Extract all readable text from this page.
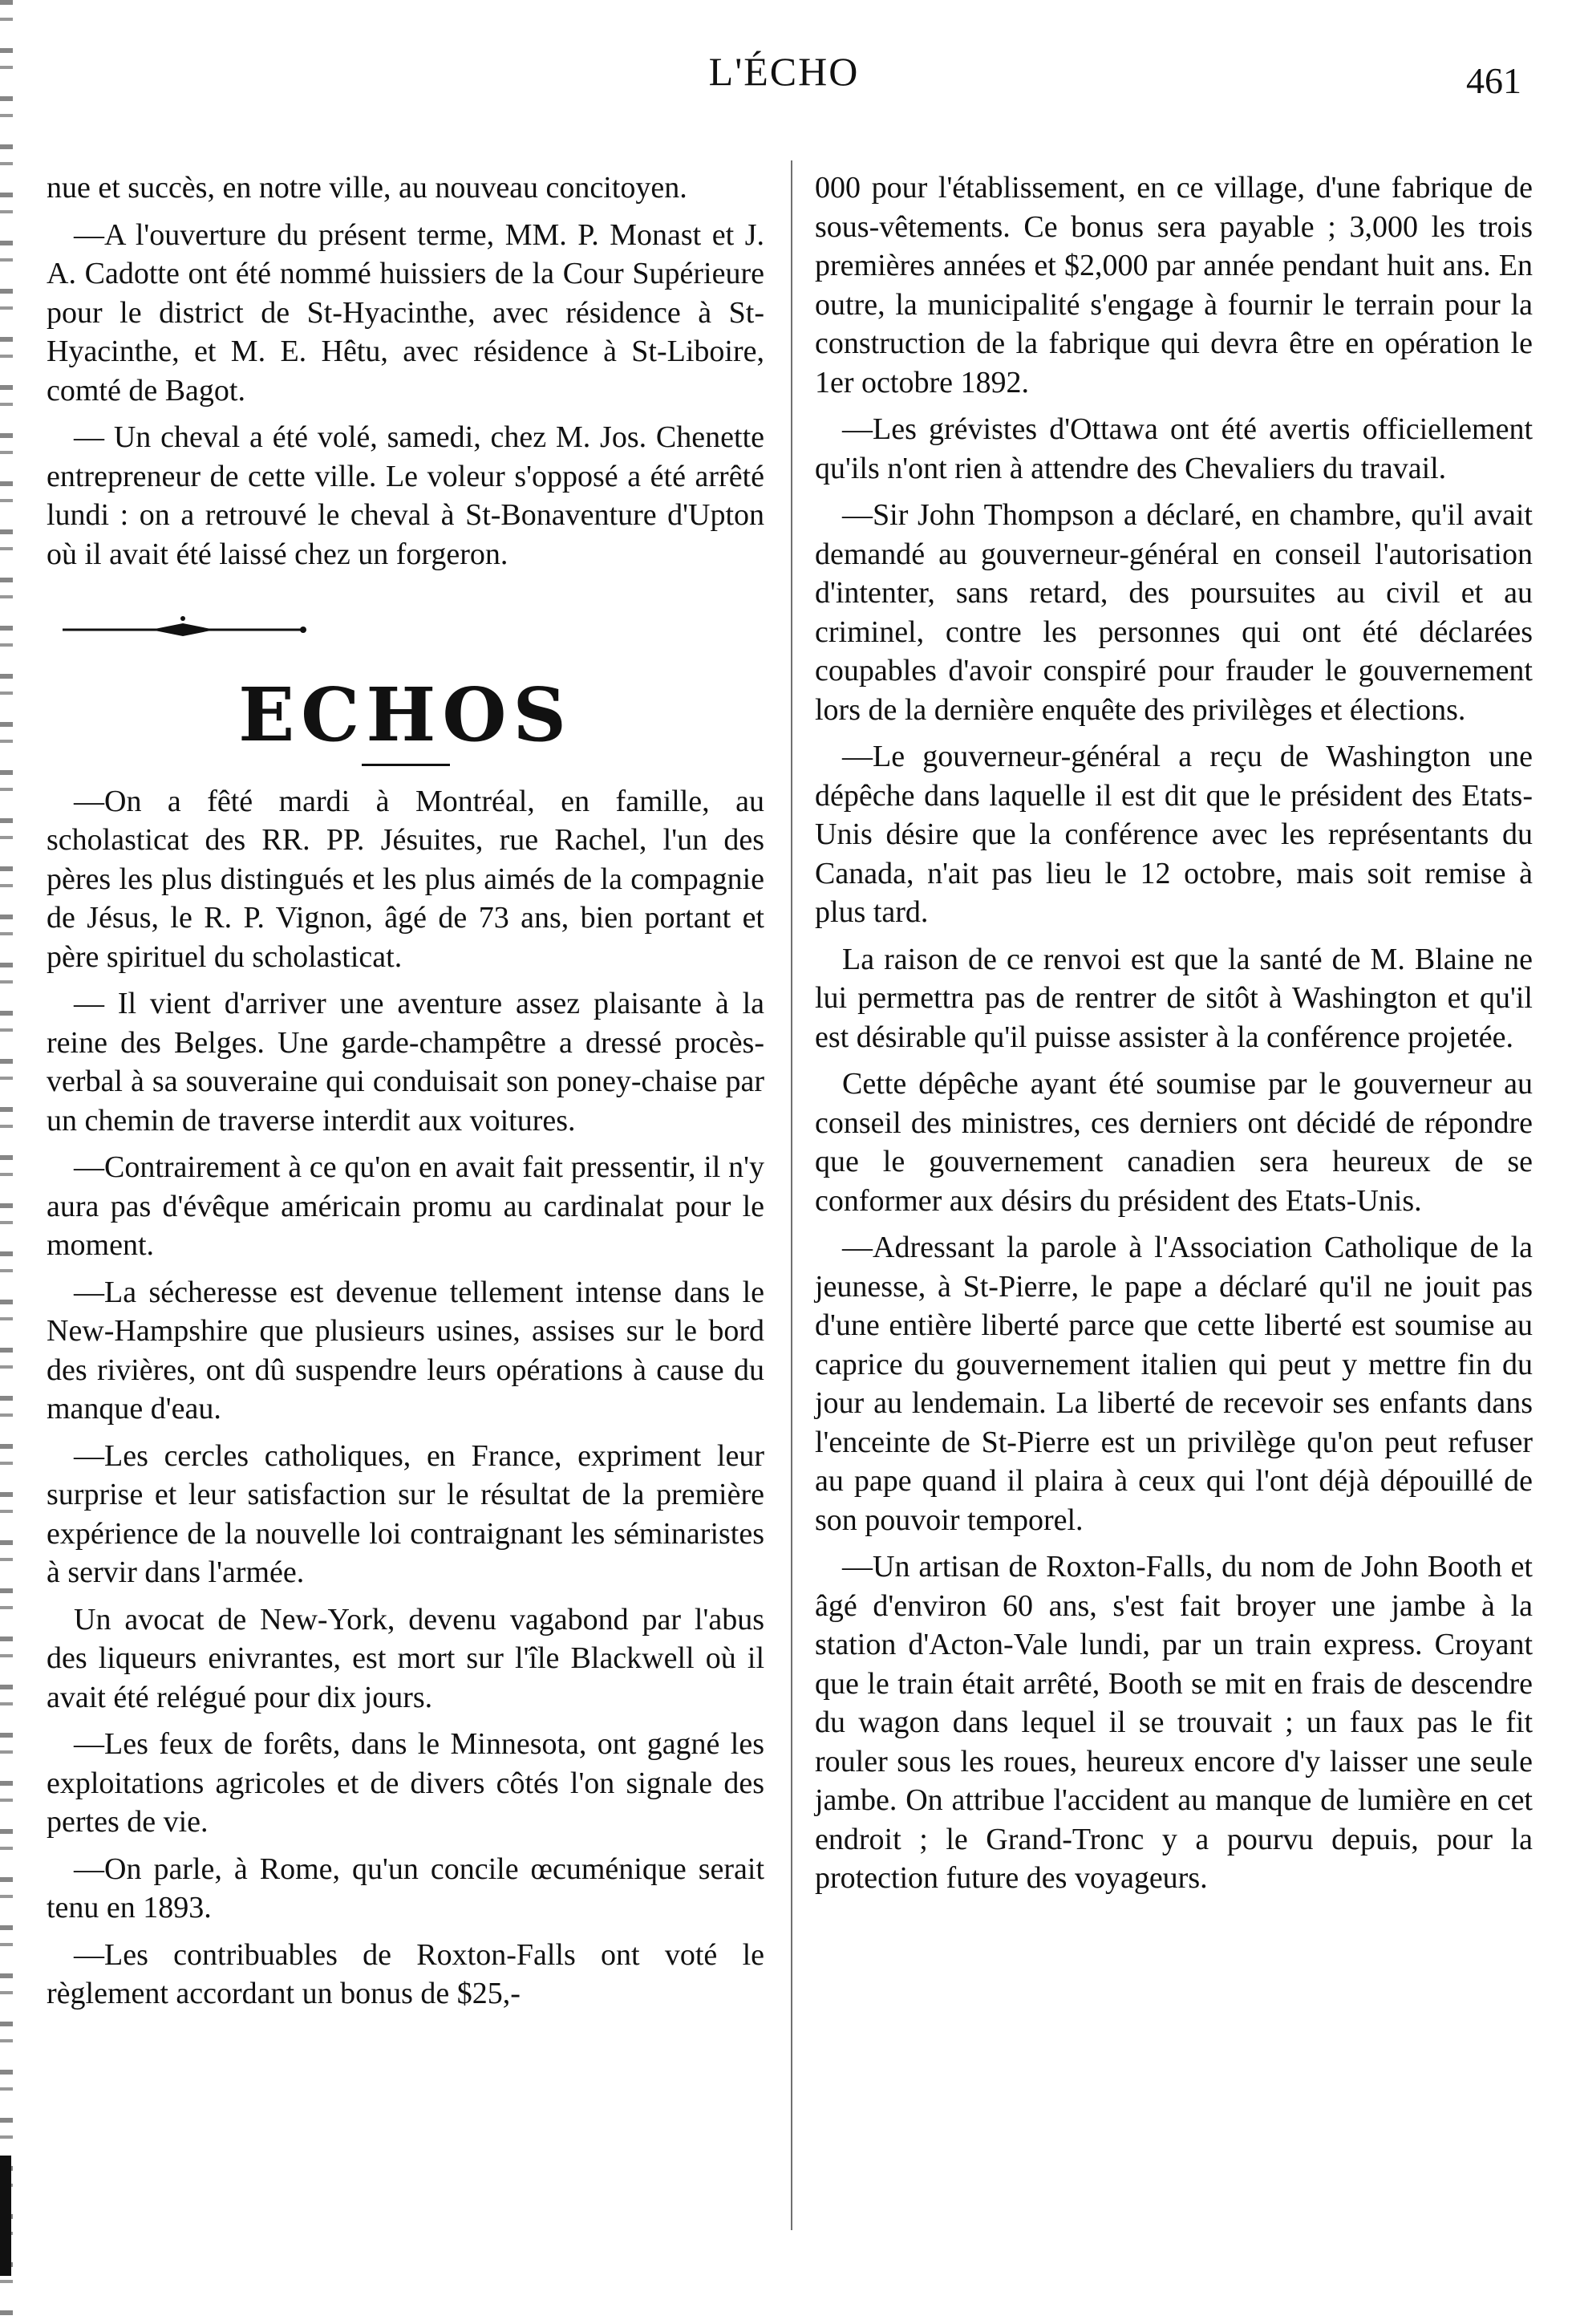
L'ÉCHO	461

nue et succès, en notre ville, au nouveau concitoyen.

—A l'ouverture du présent terme, MM. P. Monast et J. A. Cadotte ont été nommé huissiers de la Cour Supérieure pour le district de St-Hyacinthe, avec résidence à St-Hyacinthe, et M. E. Hêtu, avec résidence à St-Liboire, comté de Bagot.

— Un cheval a été volé, samedi, chez M. Jos. Chenette entrepreneur de cette ville. Le voleur s'opposé a été arrêté lundi : on a retrouvé le cheval à St-Bonaventure d'Upton où il avait été laissé chez un forgeron.

ECHOS

—On a fêté mardi à Montréal, en famille, au scholasticat des RR. PP. Jésuites, rue Rachel, l'un des pères les plus distingués et les plus aimés de la compagnie de Jésus, le R. P. Vignon, âgé de 73 ans, bien portant et père spirituel du scholasticat.

— Il vient d'arriver une aventure assez plaisante à la reine des Belges. Une garde-champêtre a dressé procès-verbal à sa souveraine qui conduisait son poney-chaise par un chemin de traverse interdit aux voitures.

—Contrairement à ce qu'on en avait fait pressentir, il n'y aura pas d'évêque américain promu au cardinalat pour le moment.

—La sécheresse est devenue tellement intense dans le New-Hampshire que plusieurs usines, assises sur le bord des rivières, ont dû suspendre leurs opérations à cause du manque d'eau.

—Les cercles catholiques, en France, expriment leur surprise et leur satisfaction sur le résultat de la première expérience de la nouvelle loi contraignant les séminaristes à servir dans l'armée.

Un avocat de New-York, devenu vagabond par l'abus des liqueurs enivrantes, est mort sur l'île Blackwell où il avait été relégué pour dix jours.

—Les feux de forêts, dans le Minnesota, ont gagné les exploitations agricoles et de divers côtés l'on signale des pertes de vie.

—On parle, à Rome, qu'un concile œcuménique serait tenu en 1893.

—Les contribuables de Roxton-Falls ont voté le règlement accordant un bonus de $25,-

000 pour l'établissement, en ce village, d'une fabrique de sous-vêtements. Ce bonus sera payable ; 3,000 les trois premières années et $2,000 par année pendant huit ans. En outre, la municipalité s'engage à fournir le terrain pour la construction de la fabrique qui devra être en opération le 1er octobre 1892.

—Les grévistes d'Ottawa ont été avertis officiellement qu'ils n'ont rien à attendre des Chevaliers du travail.

—Sir John Thompson a déclaré, en chambre, qu'il avait demandé au gouverneur-général en conseil l'autorisation d'intenter, sans retard, des poursuites au civil et au criminel, contre les personnes qui ont été déclarées coupables d'avoir conspiré pour frauder le gouvernement lors de la dernière enquête des privilèges et élections.

—Le gouverneur-général a reçu de Washington une dépêche dans laquelle il est dit que le président des Etats-Unis désire que la conférence avec les représentants du Canada, n'ait pas lieu le 12 octobre, mais soit remise à plus tard.

La raison de ce renvoi est que la santé de M. Blaine ne lui permettra pas de rentrer de sitôt à Washington et qu'il est désirable qu'il puisse assister à la conférence projetée.

Cette dépêche ayant été soumise par le gouverneur au conseil des ministres, ces derniers ont décidé de répondre que le gouvernement canadien sera heureux de se conformer aux désirs du président des Etats-Unis.

—Adressant la parole à l'Association Catholique de la jeunesse, à St-Pierre, le pape a déclaré qu'il ne jouit pas d'une entière liberté parce que cette liberté est soumise au caprice du gouvernement italien qui peut y mettre fin du jour au lendemain. La liberté de recevoir ses enfants dans l'enceinte de St-Pierre est un privilège qu'on peut refuser au pape quand il plaira à ceux qui l'ont déjà dépouillé de son pouvoir temporel.

—Un artisan de Roxton-Falls, du nom de John Booth et âgé d'environ 60 ans, s'est fait broyer une jambe à la station d'Acton-Vale lundi, par un train express. Croyant que le train était arrêté, Booth se mit en frais de descendre du wagon dans lequel il se trouvait ; un faux pas le fit rouler sous les roues, heureux encore d'y laisser une seule jambe. On attribue l'accident au manque de lumière en cet endroit ; le Grand-Tronc y a pourvu depuis, pour la protection future des voyageurs.
